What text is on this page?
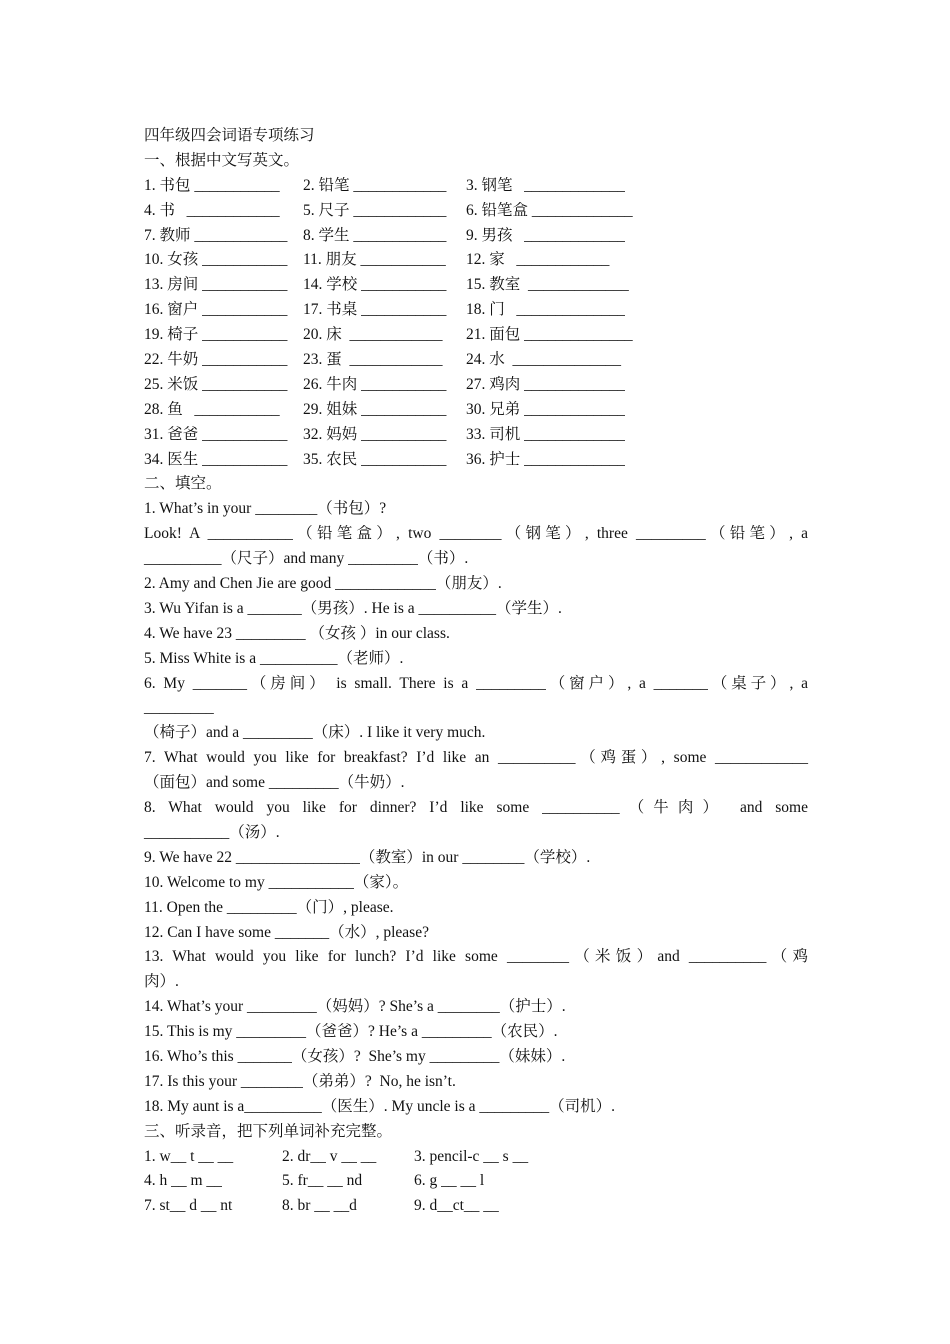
四年级四会词语专项练习
一、根据中文写英文。
1. 书包 ___________	2. 铅笔 ____________	3. 钢笔   _____________
4. 书   ____________	5. 尺子 ____________	6. 铅笔盒 _____________
7. 教师 ____________	8. 学生 ____________	9. 男孩   _____________
10. 女孩 ___________	11. 朋友 ___________	12. 家   ____________
13. 房间 ___________	14. 学校 ___________	15. 教室  _____________
16. 窗户 ___________	17. 书桌 ___________	18. 门   ______________
19. 椅子 ___________	20. 床  ____________	21. 面包 ______________
22. 牛奶 ___________	23. 蛋  ____________	24. 水  ______________
25. 米饭 ___________	26. 牛肉 ___________	27. 鸡肉 _____________
28. 鱼   ___________	29. 姐妹 ___________	30. 兄弟 _____________
31. 爸爸 ___________	32. 妈妈 ___________	33. 司机 _____________
34. 医生 ___________	35. 农民 ___________	36. 护士 _____________
二、填空。
1. What’s in your ________（书包）?
Look! A ___________（铅笔盒）, two ________（钢笔）, three _________（铅笔）, a
__________（尺子）and many _________（书）.
2. Amy and Chen Jie are good _____________（朋友）.
3. Wu Yifan is a _______（男孩）. He is a __________（学生）.
4. We have 23 _________ （女孩 ）in our class.
5. Miss White is a __________（老师）.
6. My _______（房间） is small. There is a _________（窗户）, a _______（桌子）, a
_________
（椅子）and a _________（床）. I like it very much.
7. What would you like for breakfast? I’d like an __________（鸡蛋）, some ____________
（面包）and some _________（牛奶）.
8. What would you like for dinner? I’d like some __________（牛肉） and some
___________（汤）.
9. We have 22 ________________（教室）in our ________（学校）.
10. Welcome to my ___________（家）。
11. Open the _________（门）, please.
12. Can I have some _______（水）, please?
13. What would you like for lunch? I’d like some ________（米饭）and __________（鸡
肉）.
14. What’s your _________（妈妈）? She’s a ________（护士）.
15. This is my _________（爸爸）? He’s a _________（农民）.
16. Who’s this _______（女孩）?  She’s my _________（妹妹）.
17. Is this your ________（弟弟）?  No, he isn’t.
18. My aunt is a__________（医生）. My uncle is a _________（司机）.
三、听录音，把下列单词补充完整。
1. w__ t __ __	2. dr__ v __ __	3. pencil-c __ s __
4. h __ m __	5. fr__ __ nd	6. g __ __ l
7. st__ d __ nt	8. br __ __d	9. d__ct__ __
